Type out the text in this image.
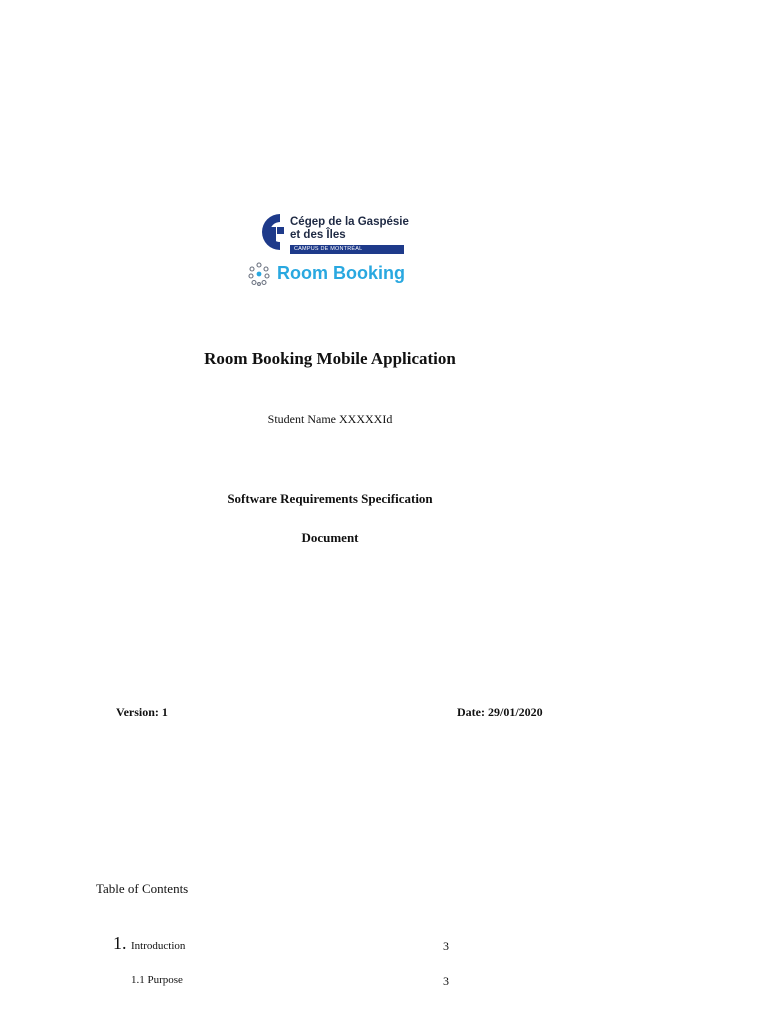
Cégep de la Gaspésie
et des Îles
CAMPUS DE MONTRÉAL
Room Booking
Room Booking Mobile Application
Student Name XXXXXId
Software Requirements Specification
Document
Version: 1	Date: 29/01/2020
Table of Contents
1. Introduction	3
1.1 Purpose	3
